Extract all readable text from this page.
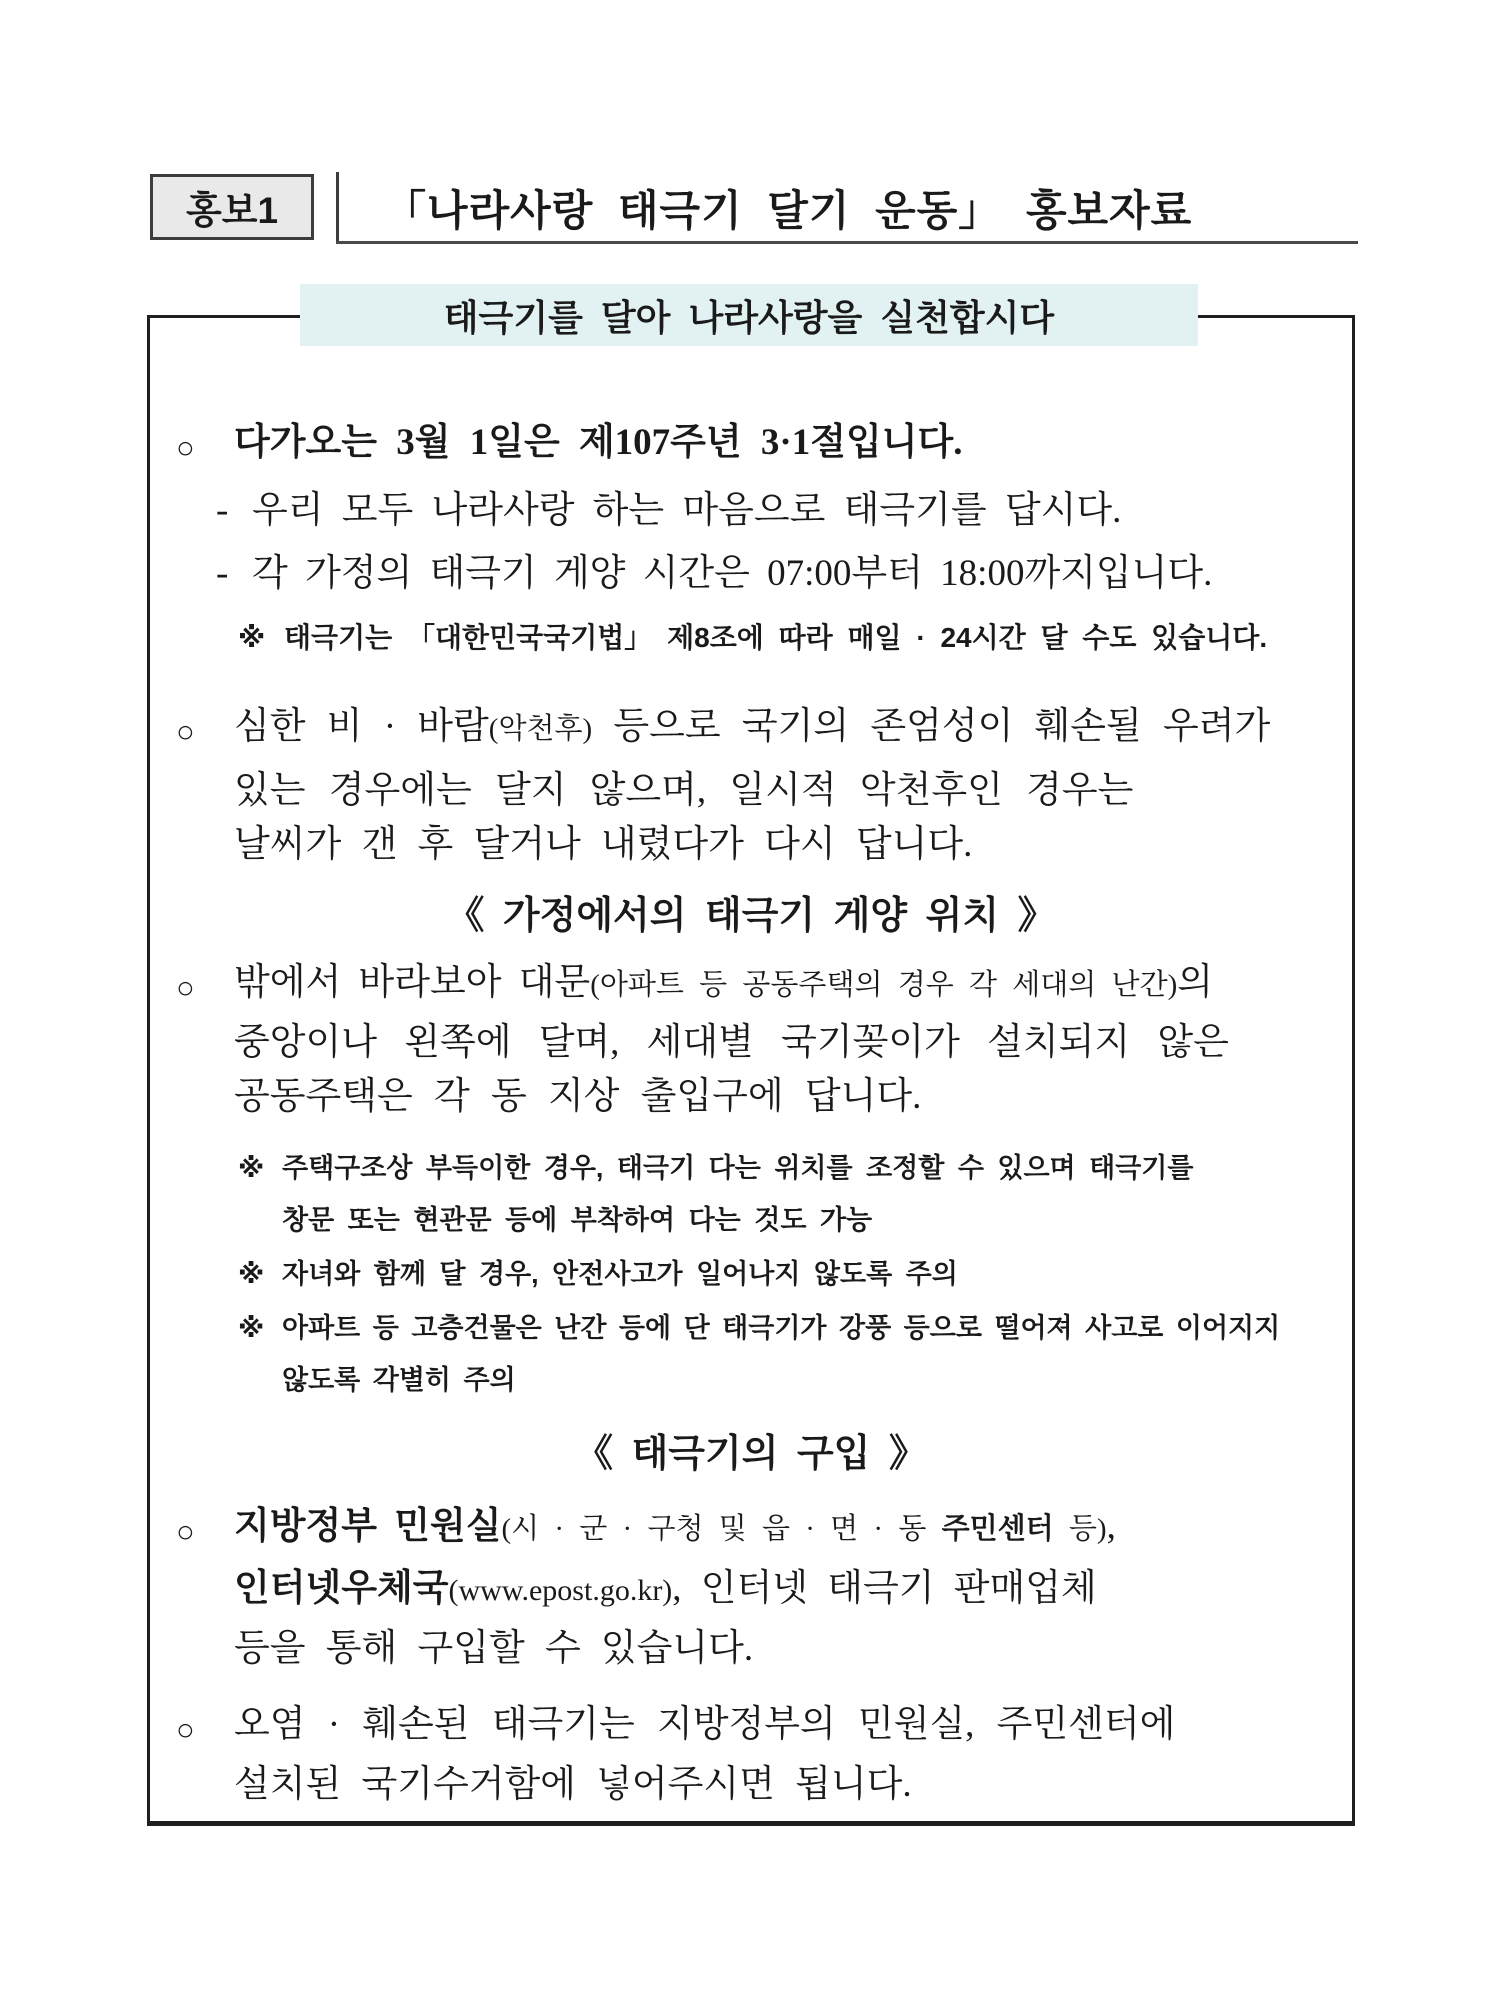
홍보1	「나라사랑 태극기 달기 운동」 홍보자료
태극기를 달아 나라사랑을 실천합시다
○ 다가오는 3월 1일은 제107주년 3·1절입니다.
- 우리 모두 나라사랑 하는 마음으로 태극기를 답시다.
- 각 가정의 태극기 게양 시간은 07:00부터 18:00까지입니다.
※ 태극기는 「대한민국국기법」 제8조에 따라 매일 · 24시간 달 수도 있습니다.
○ 심한 비 · 바람(악천후) 등으로 국기의 존엄성이 훼손될 우려가
있는 경우에는 달지 않으며, 일시적 악천후인 경우는
날씨가 갠 후 달거나 내렸다가 다시 답니다.
《 가정에서의 태극기 게양 위치 》
○ 밖에서 바라보아 대문(아파트 등 공동주택의 경우 각 세대의 난간)의
중앙이나 왼쪽에 달며, 세대별 국기꽂이가 설치되지 않은
공동주택은 각 동 지상 출입구에 답니다.
※ 주택구조상 부득이한 경우, 태극기 다는 위치를 조정할 수 있으며 태극기를
창문 또는 현관문 등에 부착하여 다는 것도 가능
※ 자녀와 함께 달 경우, 안전사고가 일어나지 않도록 주의
※ 아파트 등 고층건물은 난간 등에 단 태극기가 강풍 등으로 떨어져 사고로 이어지지
않도록 각별히 주의
《 태극기의 구입 》
○ 지방정부 민원실(시 · 군 · 구청 및 읍 · 면 · 동 주민센터 등),
인터넷우체국(www.epost.go.kr), 인터넷 태극기 판매업체
등을 통해 구입할 수 있습니다.
○ 오염 · 훼손된 태극기는 지방정부의 민원실, 주민센터에
설치된 국기수거함에 넣어주시면 됩니다.
